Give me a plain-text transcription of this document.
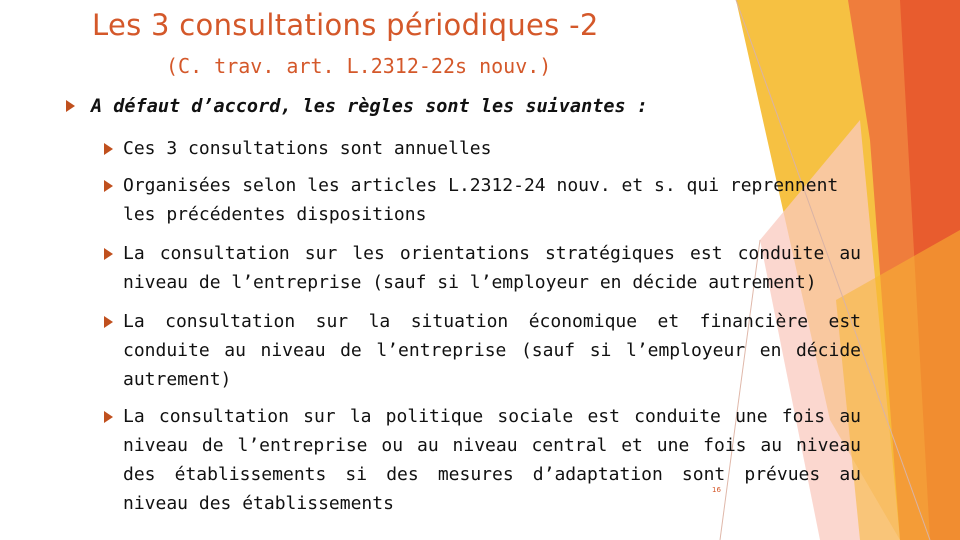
Les 3 consultations périodiques -2
(C. trav. art. L.2312-22s nouv.)
A défaut d’accord, les règles sont les suivantes :
Ces 3 consultations sont annuelles
Organisées selon les articles L.2312-24 nouv. et s. qui reprennent les précédentes dispositions
La consultation sur les orientations stratégiques est conduite au niveau de l’entreprise (sauf si l’employeur en décide autrement)
La consultation sur la situation économique et financière est conduite au niveau de l’entreprise (sauf si l’employeur en décide autrement)
La consultation sur la politique sociale est conduite une fois au niveau de l’entreprise ou au niveau central et une fois au niveau des établissements si des mesures d’adaptation sont prévues au niveau des établissements
16
